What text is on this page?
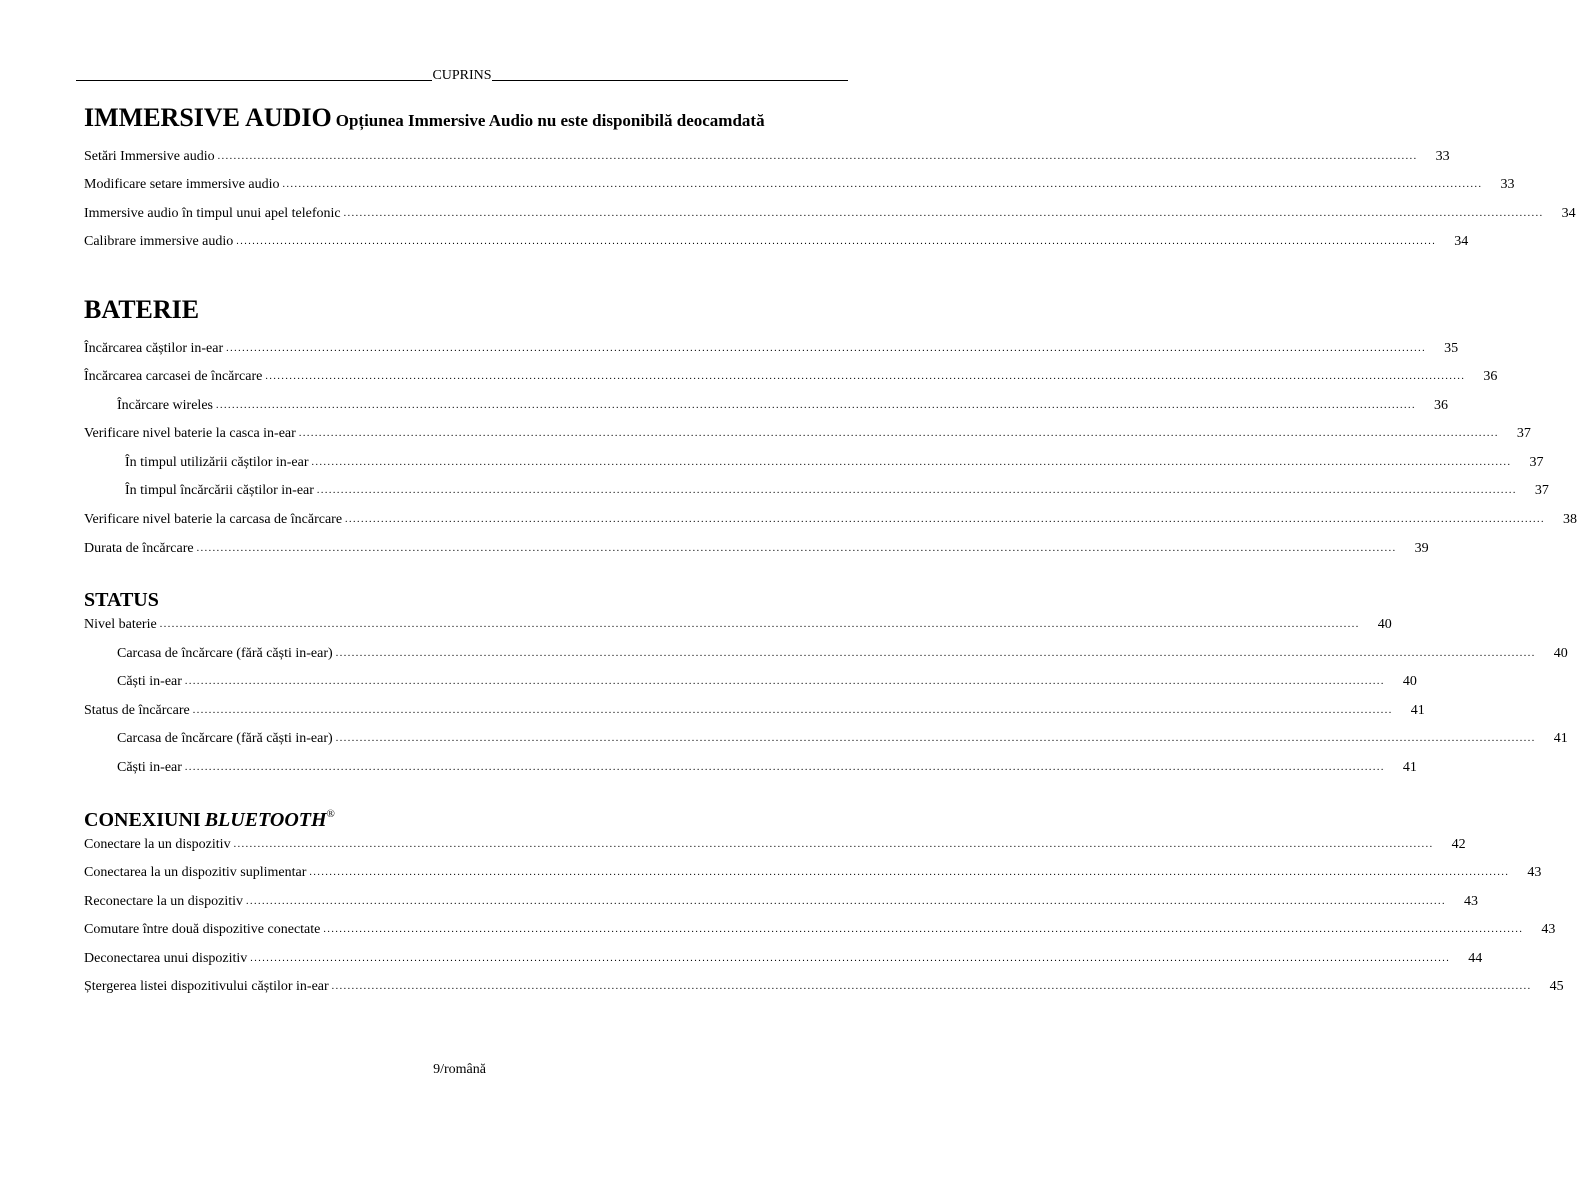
CUPRINS
IMMERSIVE AUDIO Opțiunea Immersive Audio nu este disponibilă deocamdată
Setări Immersive audio ............................................................................................................................................................................................................................................................................................................ 33
Modificare setare immersive audio ............................................................................................................................................................................................................................................................................................................ 33
Immersive audio în timpul unui apel telefonic ............................................................................................................................................................................................................................................................................................................ 34
Calibrare immersive audio ............................................................................................................................................................................................................................................................................................................ 34
BATERIE
Încărcarea căștilor in-ear ............................................................................................................................................................................................................................................................................................................ 35
Încărcarea carcasei de încărcare ............................................................................................................................................................................................................................................................................................................ 36
Încărcare wireles ............................................................................................................................................................................................................................................................................................................ 36
Verificare nivel baterie la casca in-ear ............................................................................................................................................................................................................................................................................................................ 37
În timpul utilizării căștilor in-ear ............................................................................................................................................................................................................................................................................................................ 37
În timpul încărcării căștilor in-ear ............................................................................................................................................................................................................................................................................................................ 37
Verificare nivel baterie la carcasa de încărcare ............................................................................................................................................................................................................................................................................................................ 38
Durata de încărcare ............................................................................................................................................................................................................................................................................................................ 39
STATUS
Nivel baterie ............................................................................................................................................................................................................................................................................................................ 40
Carcasa de încărcare (fără căști in-ear) ............................................................................................................................................................................................................................................................................................................ 40
Căști in-ear ............................................................................................................................................................................................................................................................................................................ 40
Status de încărcare ............................................................................................................................................................................................................................................................................................................ 41
Carcasa de încărcare (fără căști in-ear) ............................................................................................................................................................................................................................................................................................................ 41
Căști in-ear ............................................................................................................................................................................................................................................................................................................ 41
CONEXIUNI BLUETOOTH®
Conectare la un dispozitiv ............................................................................................................................................................................................................................................................................................................ 42
Conectarea la un dispozitiv suplimentar ............................................................................................................................................................................................................................................................................................................ 43
Reconectare la un dispozitiv ............................................................................................................................................................................................................................................................................................................ 43
Comutare între două dispozitive conectate ............................................................................................................................................................................................................................................................................................................ 43
Deconectarea unui dispozitiv ............................................................................................................................................................................................................................................................................................................ 44
Ștergerea listei dispozitivului căștilor in-ear ............................................................................................................................................................................................................................................................................................................ 45
9/română
